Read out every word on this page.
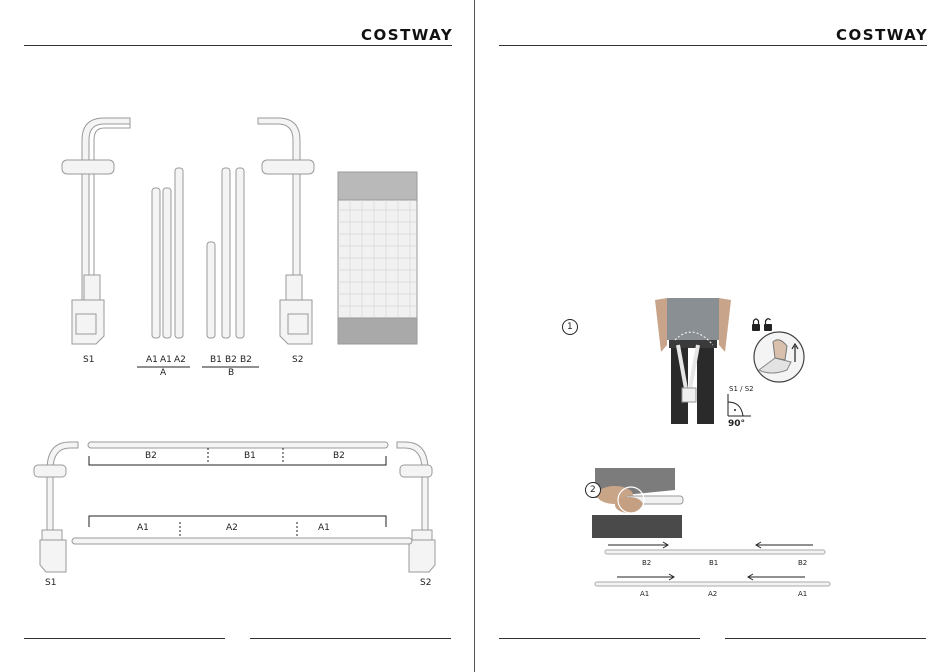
COSTWAY
S1	A1 A1 A2
A
B1 B2 B2
B
S2
B2	B1	B2
A1	A2	A1
S1	S2
COSTWAY
1
S1 / S2
90°
2
B2	B1	B2
A1	A2	A1
